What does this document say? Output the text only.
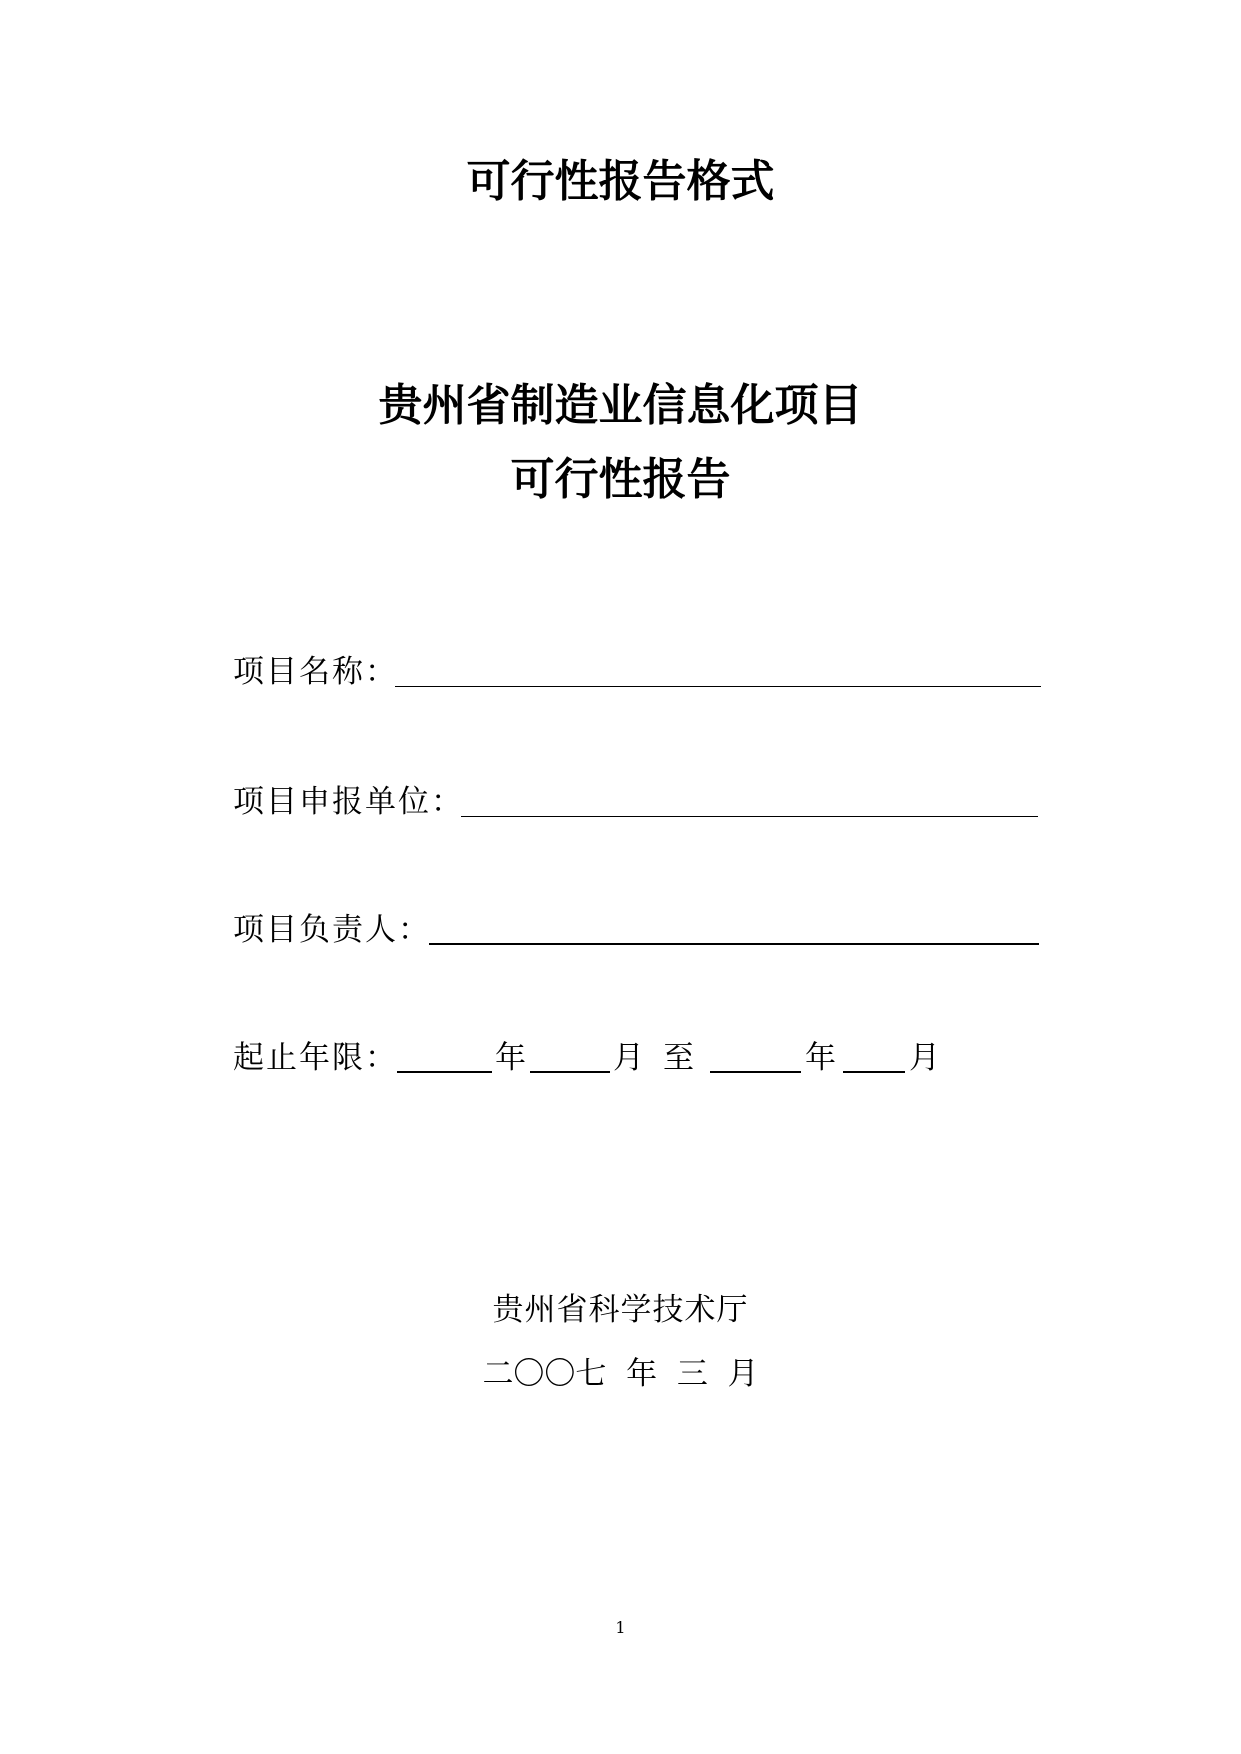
可行性报告格式
贵州省制造业信息化项目
可行性报告
项目名称：
项目申报单位：
项目负责人：
起止年限：	年	月 至	年 月
贵州省科学技术厅
二〇〇七  年  三  月
1
